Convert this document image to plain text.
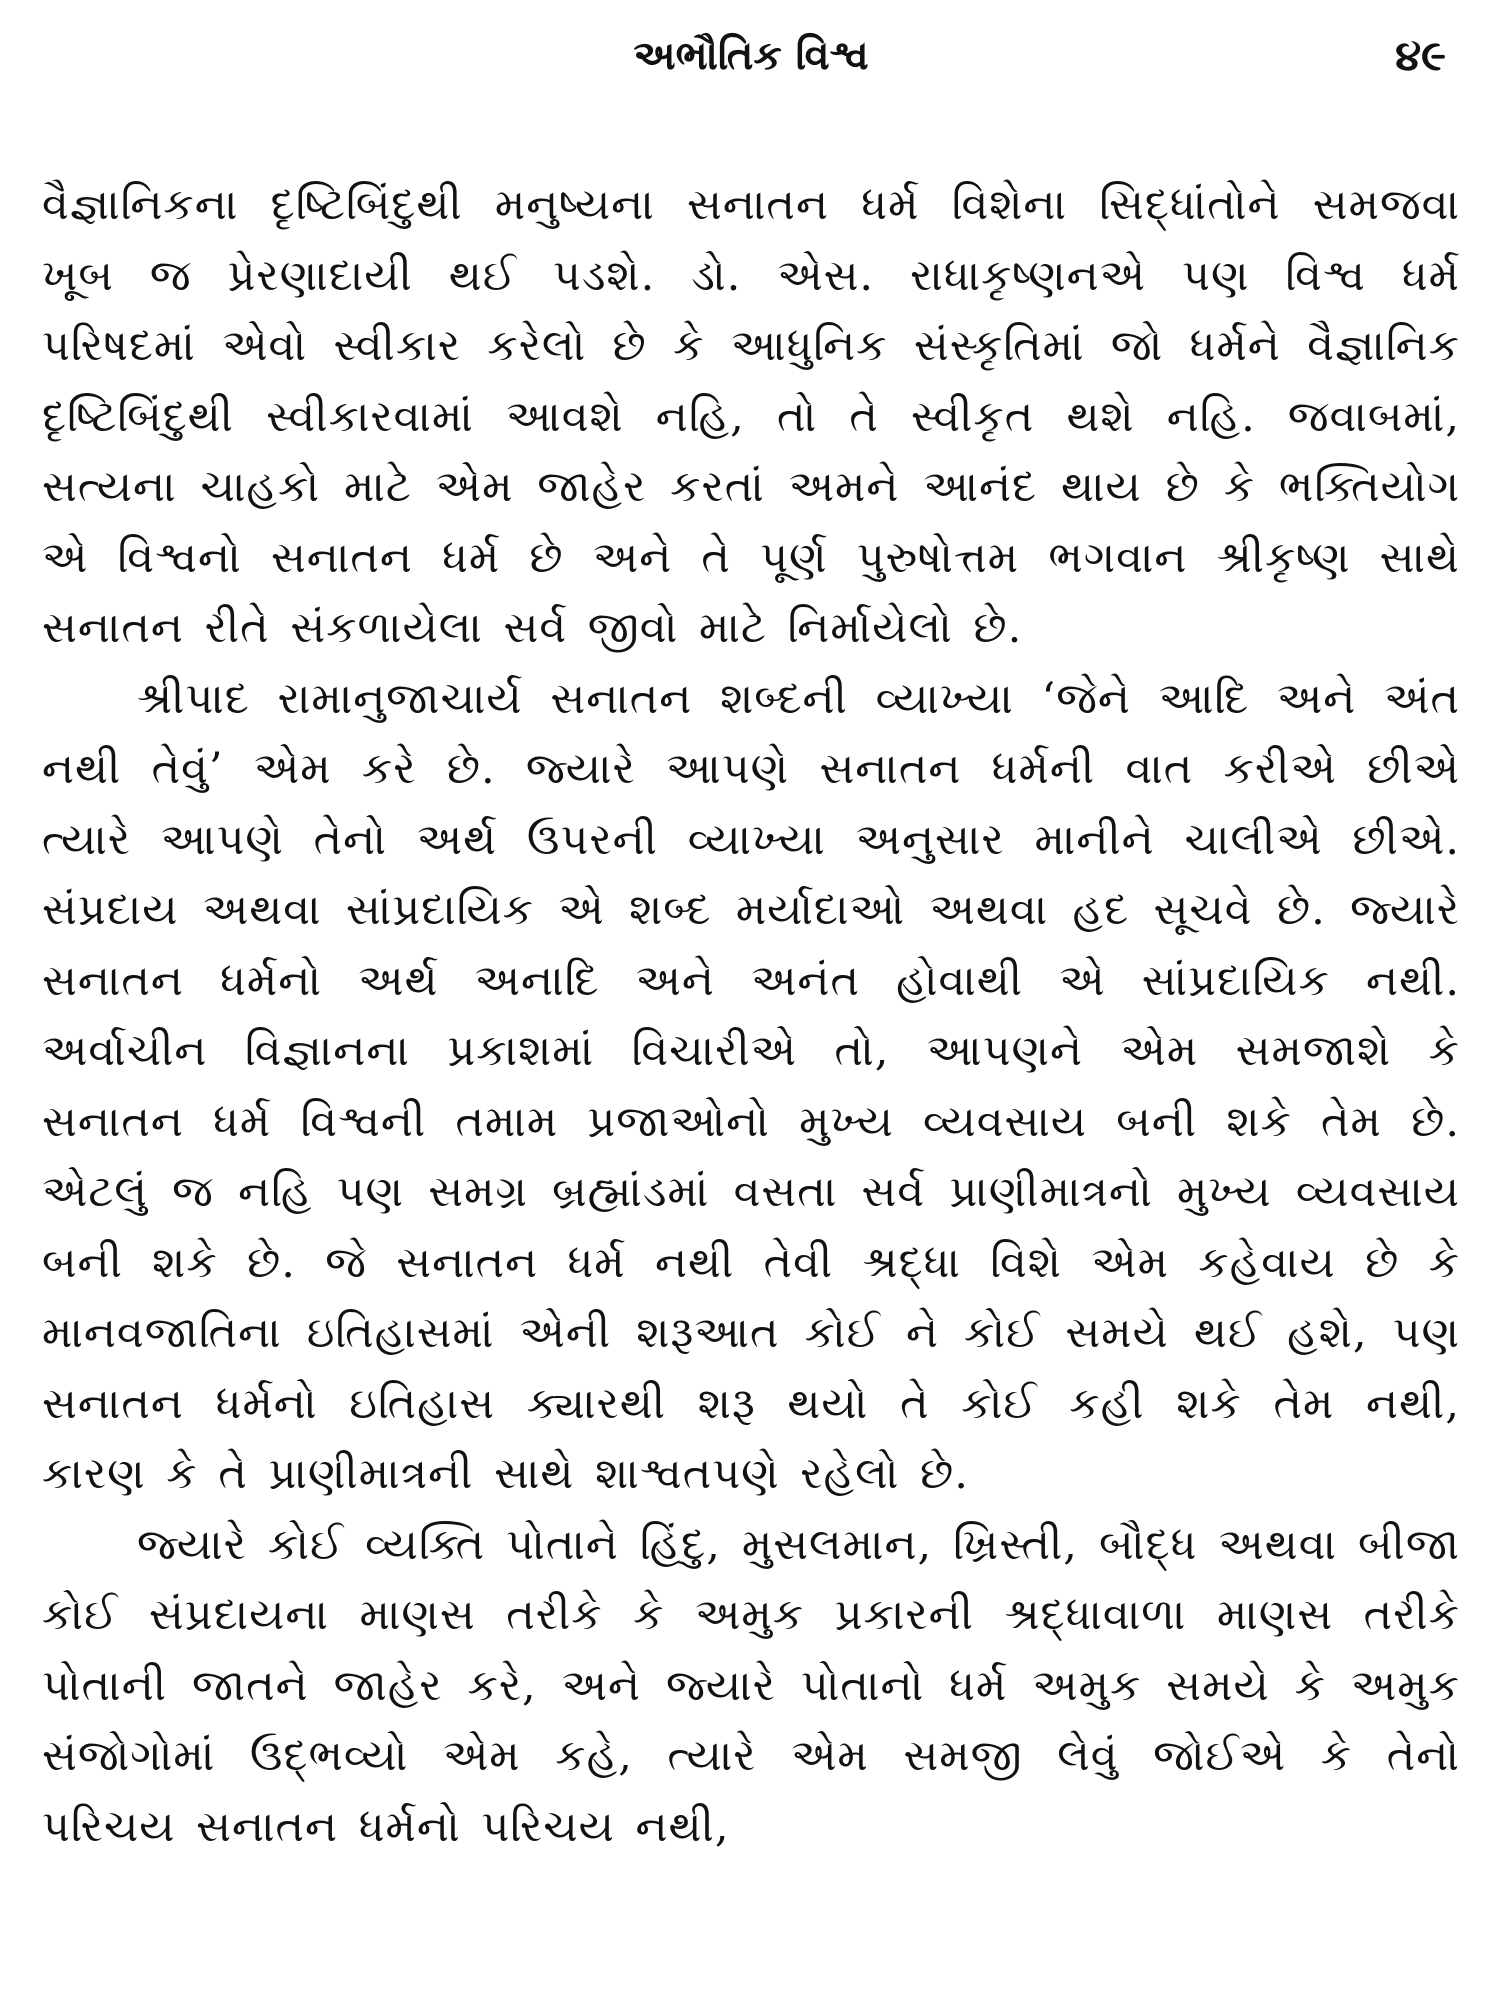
અભૌતિક વિશ્વ	૪૯

વૈજ્ઞાનિકના દૃષ્ટિબિંદુથી મનુષ્યના સનાતન ધર્મ વિશેના સિદ્ધાંતોને સમજવા ખૂબ જ પ્રેરણાદાયી થઈ પડશે. ડો. એસ. રાધાકૃષ્ણનએ પણ વિશ્વ ધર્મ પરિષદમાં એવો સ્વીકાર કરેલો છે કે આધુનિક સંસ્કૃતિમાં જો ધર્મને વૈજ્ઞાનિક દૃષ્ટિબિંદુથી સ્વીકારવામાં આવશે નહિ, તો તે સ્વીકૃત થશે નહિ. જવાબમાં, સત્યના ચાહકો માટે એમ જાહેર કરતાં અમને આનંદ થાય છે કે ભક્તિયોગ એ વિશ્વનો સનાતન ધર્મ છે અને તે પૂર્ણ પુરુષોત્તમ ભગવાન શ્રીકૃષ્ણ સાથે સનાતન રીતે સંકળાયેલા સર્વ જીવો માટે નિર્માયેલો છે.

શ્રીપાદ રામાનુજાચાર્ય સનાતન શબ્દની વ્યાખ્યા ‘જેને આદિ અને અંત નથી તેવું’ એમ કરે છે. જ્યારે આપણે સનાતન ધર્મની વાત કરીએ છીએ ત્યારે આપણે તેનો અર્થ ઉપરની વ્યાખ્યા અનુસાર માનીને ચાલીએ છીએ. સંપ્રદાય અથવા સાંપ્રદાયિક એ શબ્દ મર્યાદાઓ અથવા હદ સૂચવે છે. જ્યારે સનાતન ધર્મનો અર્થ અનાદિ અને અનંત હોવાથી એ સાંપ્રદાયિક નથી. અર્વાચીન વિજ્ઞાનના પ્રકાશમાં વિચારીએ તો, આપણને એમ સમજાશે કે સનાતન ધર્મ વિશ્વની તમામ પ્રજાઓનો મુખ્ય વ્યવસાય બની શકે તેમ છે. એટલું જ નહિ પણ સમગ્ર બ્રહ્માંડમાં વસતા સર્વ પ્રાણીમાત્રનો મુખ્ય વ્યવસાય બની શકે છે. જે સનાતન ધર્મ નથી તેવી શ્રદ્ધા વિશે એમ કહેવાય છે કે માનવજાતિના ઇતિહાસમાં એની શરૂઆત કોઈ ને કોઈ સમયે થઈ હશે, પણ સનાતન ધર્મનો ઇતિહાસ ક્યારથી શરૂ થયો તે કોઈ કહી શકે તેમ નથી, કારણ કે તે પ્રાણીમાત્રની સાથે શાશ્વતપણે રહેલો છે.

જ્યારે કોઈ વ્યક્તિ પોતાને હિંદુ, મુસલમાન, ખ્રિસ્તી, બૌદ્ધ અથવા બીજા કોઈ સંપ્રદાયના માણસ તરીકે કે અમુક પ્રકારની શ્રદ્ધાવાળા માણસ તરીકે પોતાની જાતને જાહેર કરે, અને જ્યારે પોતાનો ધર્મ અમુક સમયે કે અમુક સંજોગોમાં ઉદ્ભવ્યો એમ કહે, ત્યારે એમ સમજી લેવું જોઈએ કે તેનો પરિચય સનાતન ધર્મનો પરિચય નથી,
